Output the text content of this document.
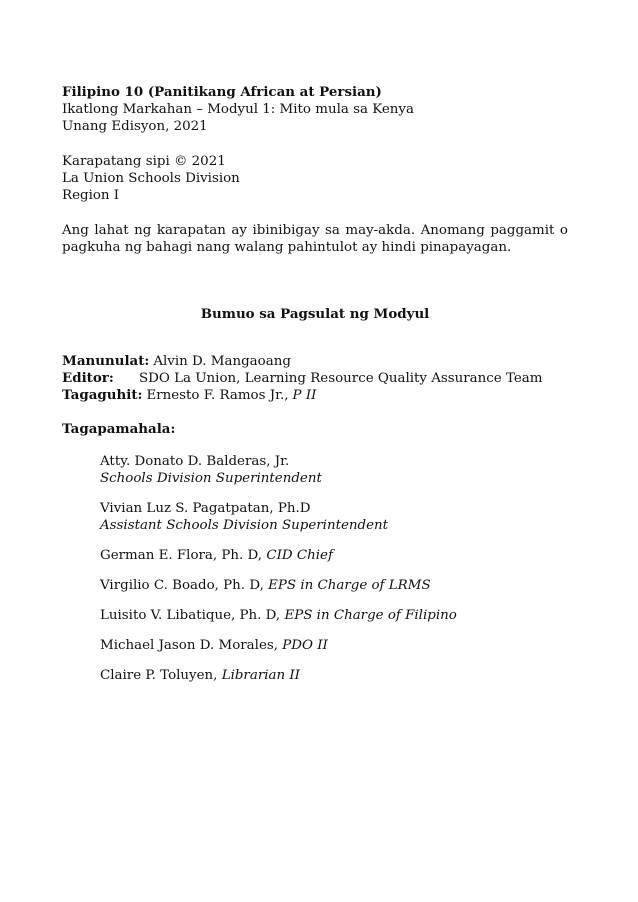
Filipino 10 (Panitikang African at Persian)
Ikatlong Markahan – Modyul 1: Mito mula sa Kenya
Unang Edisyon, 2021
Karapatang sipi © 2021
La Union Schools Division
Region I
Ang lahat ng karapatan ay ibinibigay sa may-akda. Anomang paggamit o pagkuha ng bahagi nang walang pahintulot ay hindi pinapayagan.
Bumuo sa Pagsulat ng Modyul
Manunulat: Alvin D. Mangaoang
Editor:	SDO La Union, Learning Resource Quality Assurance Team
Tagaguhit: Ernesto F. Ramos Jr., P II
Tagapamahala:
Atty. Donato D. Balderas, Jr.
Schools Division Superintendent
Vivian Luz S. Pagatpatan, Ph.D
Assistant Schools Division Superintendent
German E. Flora, Ph. D, CID Chief
Virgilio C. Boado, Ph. D, EPS in Charge of LRMS
Luisito V. Libatique, Ph. D, EPS in Charge of Filipino
Michael Jason D. Morales, PDO II
Claire P. Toluyen, Librarian II
